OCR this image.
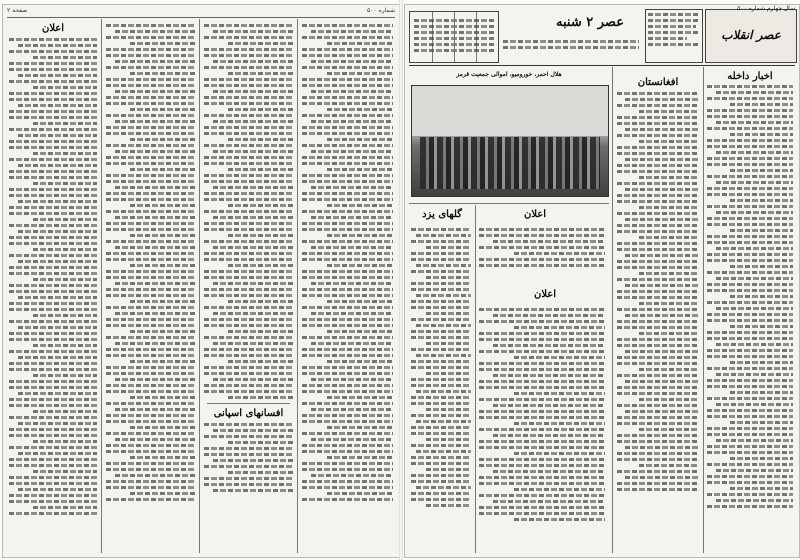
صفحه ۲	شماره ۵۰۰
اعلان
افسانهای اسپانی
عصر انقلاب
سال چهارم شماره ۵۰۰
عصر ۲ شنبه
اخبار داخله
افغانستان
هلال احمر، خورومیو، اموالی جمعیت قرمز
اعلان
اعلان
گلهای یزد
